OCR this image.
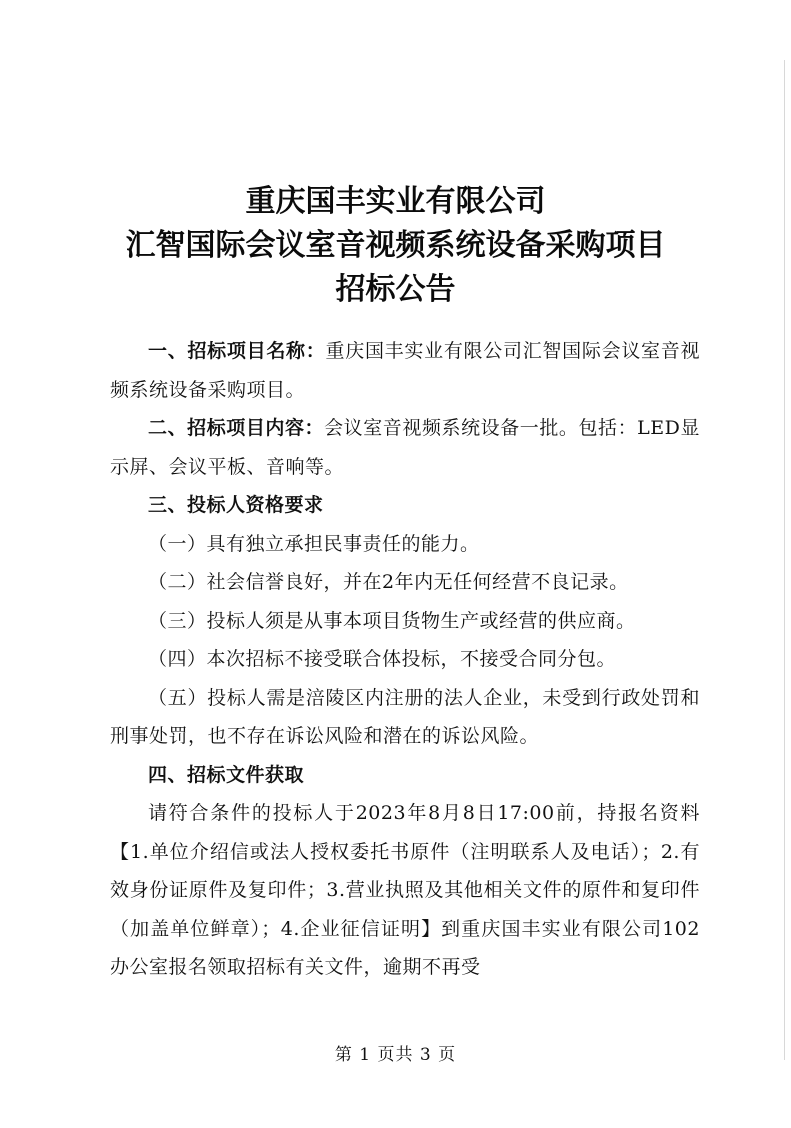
重庆国丰实业有限公司
汇智国际会议室音视频系统设备采购项目
招标公告

一、招标项目名称：重庆国丰实业有限公司汇智国际会议室音视频系统设备采购项目。

二、招标项目内容：会议室音视频系统设备一批。包括：LED显示屏、会议平板、音响等。

三、投标人资格要求

（一）具有独立承担民事责任的能力。

（二）社会信誉良好，并在2年内无任何经营不良记录。

（三）投标人须是从事本项目货物生产或经营的供应商。

（四）本次招标不接受联合体投标，不接受合同分包。

（五）投标人需是涪陵区内注册的法人企业，未受到行政处罚和刑事处罚，也不存在诉讼风险和潜在的诉讼风险。

四、招标文件获取

请符合条件的投标人于2023年8月8日17:00前，持报名资料【1.单位介绍信或法人授权委托书原件（注明联系人及电话）；2.有效身份证原件及复印件；3.营业执照及其他相关文件的原件和复印件（加盖单位鲜章）；4.企业征信证明】到重庆国丰实业有限公司102办公室报名领取招标有关文件，逾期不再受

第 1 页共 3 页
